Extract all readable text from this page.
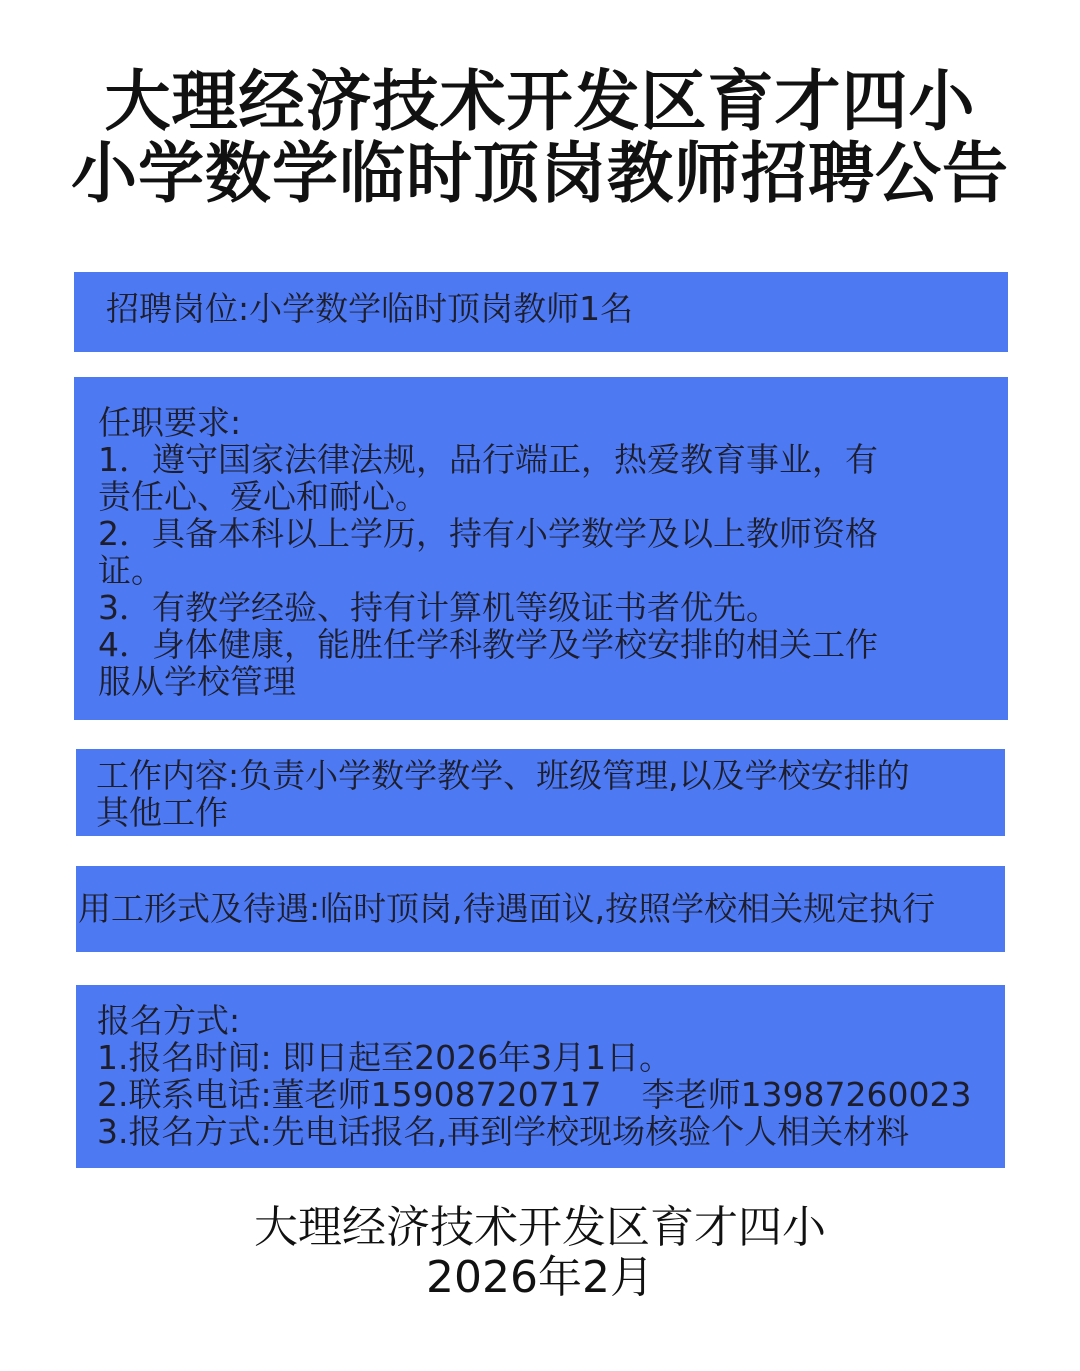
大理经济技术开发区育才四小
小学数学临时顶岗教师招聘公告
招聘岗位:小学数学临时顶岗教师1名
任职要求:
1．遵守国家法律法规，品行端正，热爱教育事业，有
责任心、爱心和耐心。
2．具备本科以上学历，持有小学数学及以上教师资格
证。
3．有教学经验、持有计算机等级证书者优先。
4．身体健康，能胜任学科教学及学校安排的相关工作
服从学校管理
工作内容:负责小学数学教学、班级管理,以及学校安排的
其他工作
用工形式及待遇:临时顶岗,待遇面议,按照学校相关规定执行
报名方式:
1.报名时间: 即日起至2026年3月1日。
2.联系电话:董老师15908720717 李老师13987260023
3.报名方式:先电话报名,再到学校现场核验个人相关材料
大理经济技术开发区育才四小
2026年2月
